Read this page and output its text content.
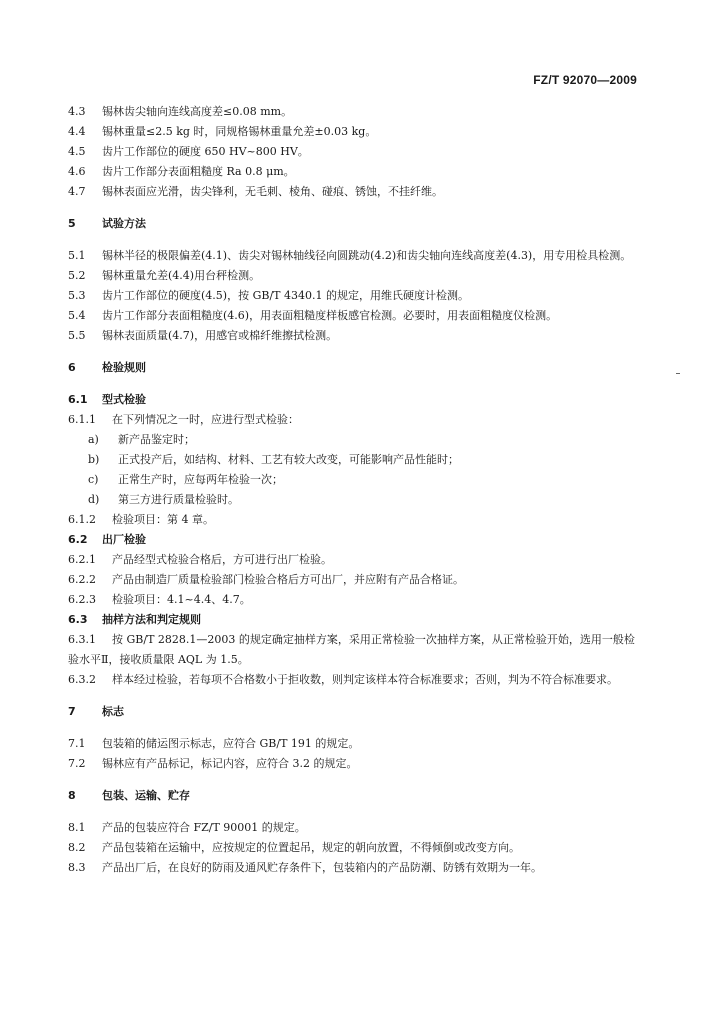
FZ/T 92070—2009
4.3	锡林齿尖轴向连线高度差≤0.08 mm。
4.4	锡林重量≤2.5 kg 时，同规格锡林重量允差±0.03 kg。
4.5	齿片工作部位的硬度 650 HV~800 HV。
4.6	齿片工作部分表面粗糙度 Ra 0.8 μm。
4.7	锡林表面应光滑，齿尖锋利，无毛刺、棱角、碰痕、锈蚀，不挂纤维。
5	试验方法
5.1 锡林半径的极限偏差(4.1)、齿尖对锡林轴线径向圆跳动(4.2)和齿尖轴向连线高度差(4.3)，用专用检具检测。
5.2	锡林重量允差(4.4)用台秤检测。
5.3	齿片工作部位的硬度(4.5)，按 GB/T 4340.1 的规定，用维氏硬度计检测。
5.4	齿片工作部分表面粗糙度(4.6)，用表面粗糙度样板感官检测。必要时，用表面粗糙度仪检测。
5.5	锡林表面质量(4.7)，用感官或棉纤维擦拭检测。
6	检验规则
6.1	型式检验
6.1.1	在下列情况之一时，应进行型式检验：
a)	新产品鉴定时；
b)	正式投产后，如结构、材料、工艺有较大改变，可能影响产品性能时；
c)	正常生产时，应每两年检验一次；
d)	第三方进行质量检验时。
6.1.2	检验项目：第 4 章。
6.2	出厂检验
6.2.1	产品经型式检验合格后，方可进行出厂检验。
6.2.2	产品由制造厂质量检验部门检验合格后方可出厂，并应附有产品合格证。
6.2.3	检验项目：4.1~4.4、4.7。
6.3	抽样方法和判定规则
6.3.1 按 GB/T 2828.1—2003 的规定确定抽样方案，采用正常检验一次抽样方案，从正常检验开始，选用一般检验水平Ⅱ，接收质量限 AQL 为 1.5。
6.3.2 样本经过检验，若每项不合格数小于拒收数，则判定该样本符合标准要求；否则，判为不符合标准要求。
7	标志
7.1	包装箱的储运图示标志，应符合 GB/T 191 的规定。
7.2	锡林应有产品标记，标记内容，应符合 3.2 的规定。
8	包装、运输、贮存
8.1	产品的包装应符合 FZ/T 90001 的规定。
8.2	产品包装箱在运输中，应按规定的位置起吊，规定的朝向放置，不得倾倒或改变方向。
8.3	产品出厂后，在良好的防雨及通风贮存条件下，包装箱内的产品防潮、防锈有效期为一年。
